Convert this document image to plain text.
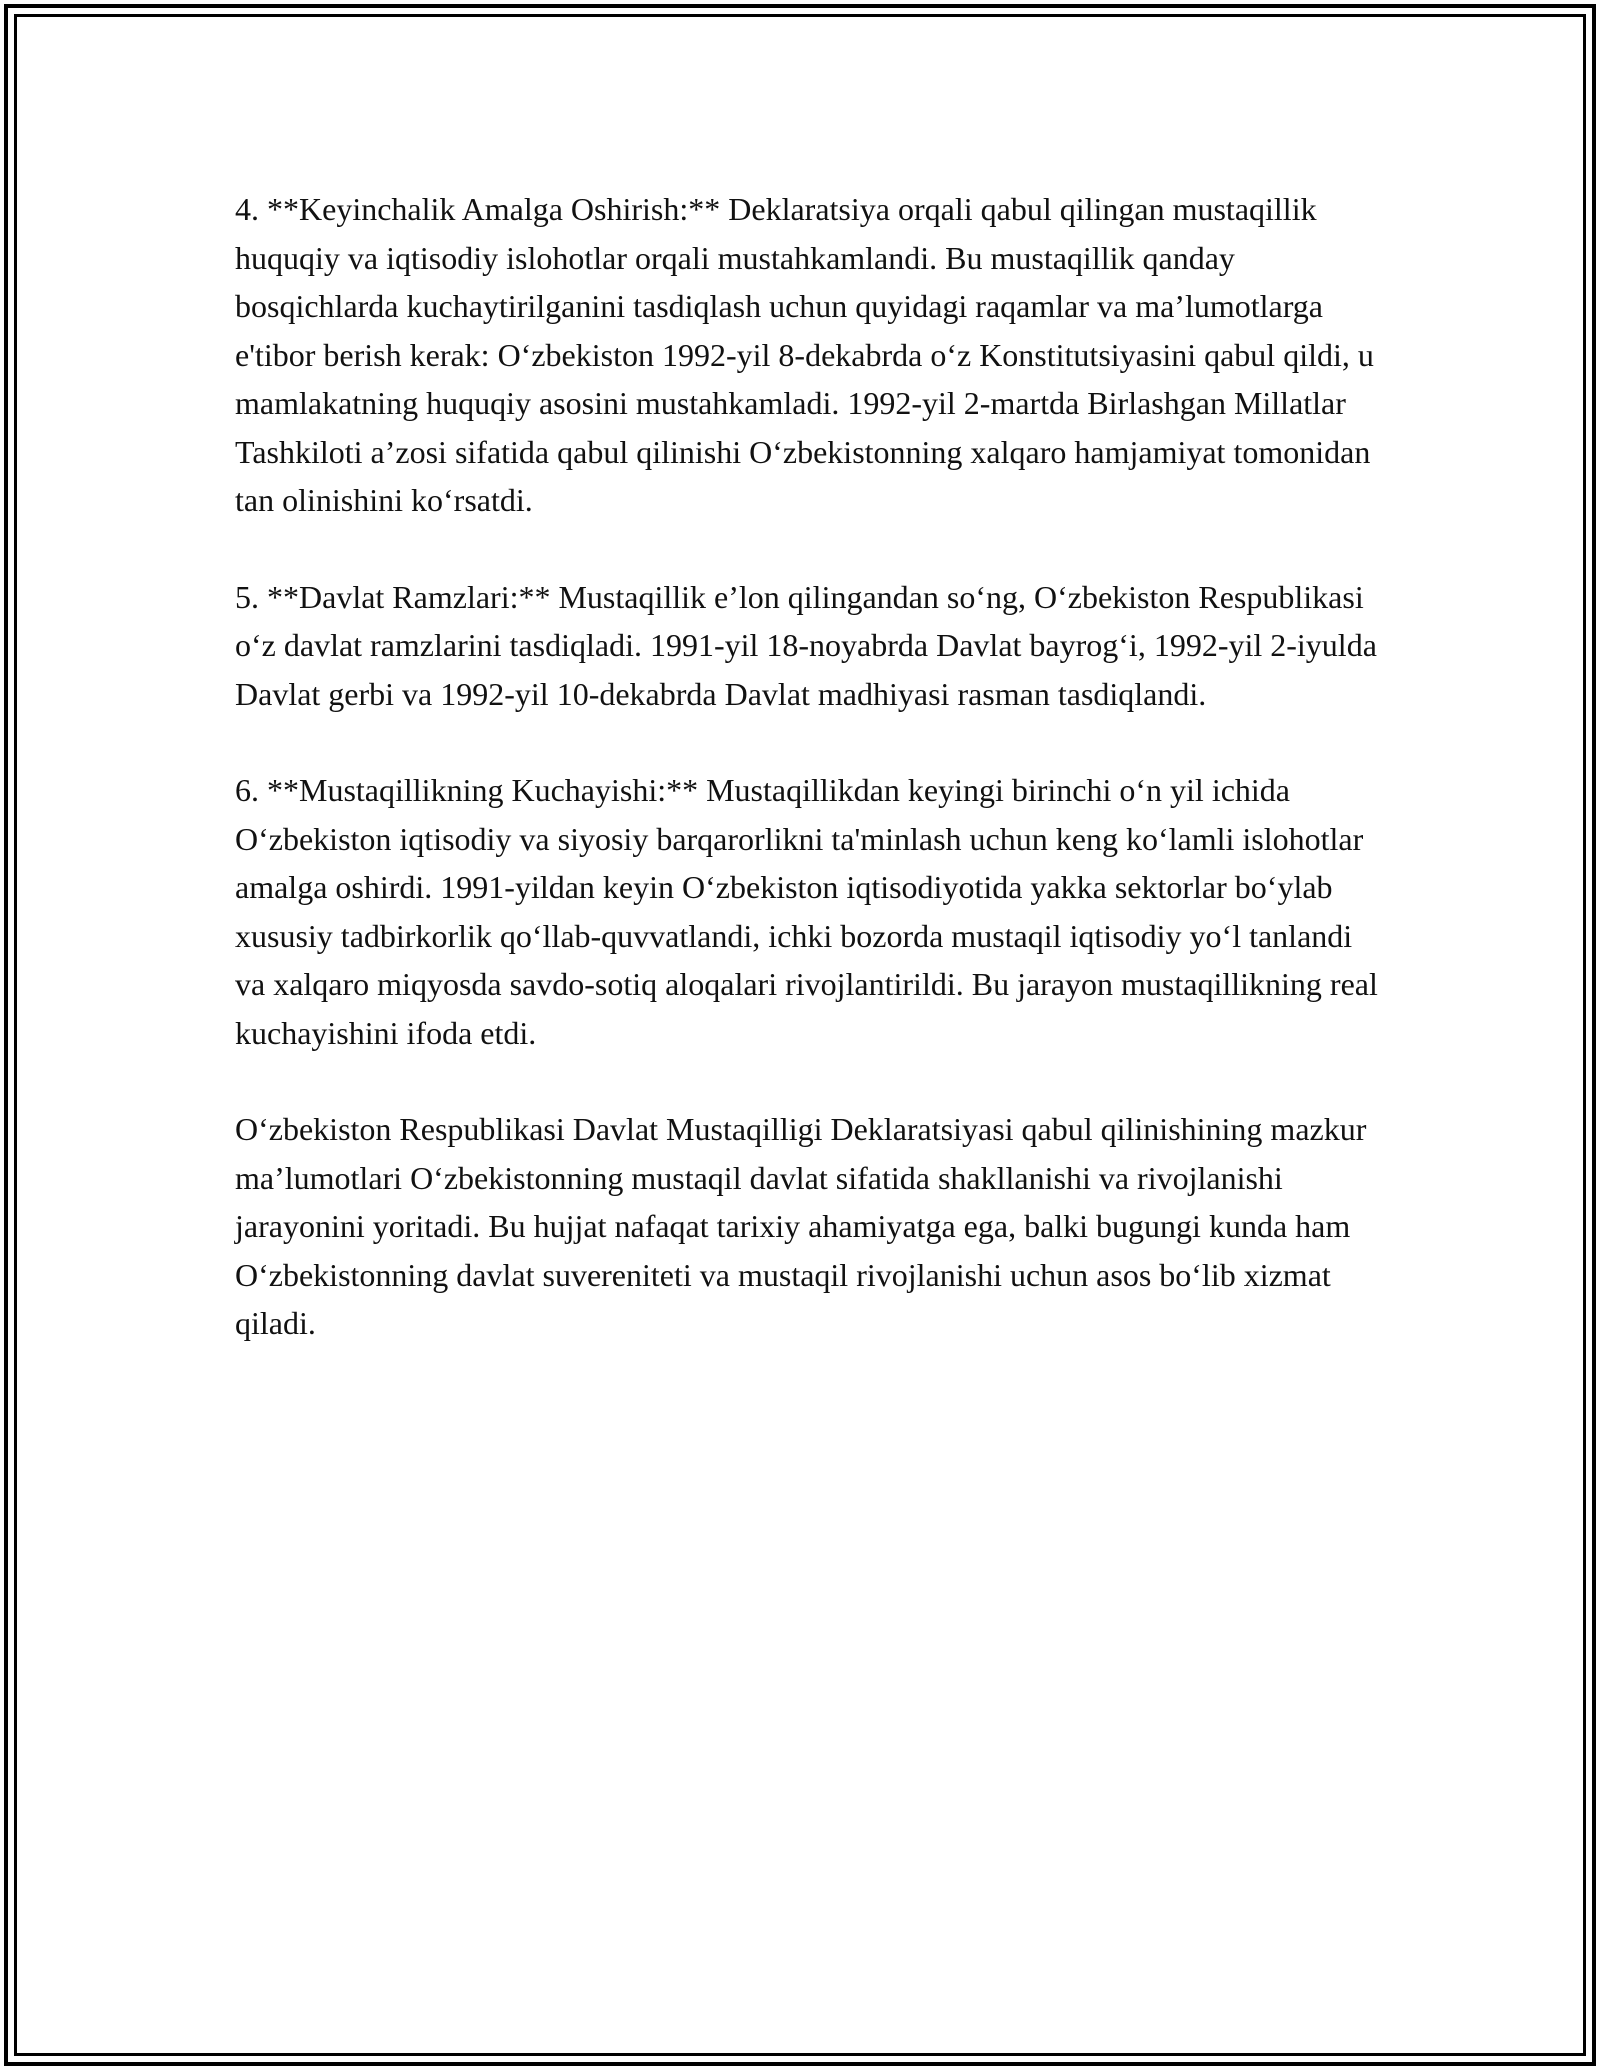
4. **Keyinchalik Amalga Oshirish:** Deklaratsiya orqali qabul qilingan mustaqillik huquqiy va iqtisodiy islohotlar orqali mustahkamlandi. Bu mustaqillik qanday bosqichlarda kuchaytirilganini tasdiqlash uchun quyidagi raqamlar va ma’lumotlarga e'tibor berish kerak: O‘zbekiston 1992-yil 8-dekabrda o‘z Konstitutsiyasini qabul qildi, u mamlakatning huquqiy asosini mustahkamladi. 1992-yil 2-martda Birlashgan Millatlar Tashkiloti a’zosi sifatida qabul qilinishi O‘zbekistonning xalqaro hamjamiyat tomonidan tan olinishini ko‘rsatdi.

5. **Davlat Ramzlari:** Mustaqillik e’lon qilingandan so‘ng, O‘zbekiston Respublikasi o‘z davlat ramzlarini tasdiqladi. 1991-yil 18-noyabrda Davlat bayrog‘i, 1992-yil 2-iyulda Davlat gerbi va 1992-yil 10-dekabrda Davlat madhiyasi rasman tasdiqlandi.

6. **Mustaqillikning Kuchayishi:** Mustaqillikdan keyingi birinchi o‘n yil ichida O‘zbekiston iqtisodiy va siyosiy barqarorlikni ta'minlash uchun keng ko‘lamli islohotlar amalga oshirdi. 1991-yildan keyin O‘zbekiston iqtisodiyotida yakka sektorlar bo‘ylab xususiy tadbirkorlik qo‘llab-quvvatlandi, ichki bozorda mustaqil iqtisodiy yo‘l tanlandi va xalqaro miqyosda savdo-sotiq aloqalari rivojlantirildi. Bu jarayon mustaqillikning real kuchayishini ifoda etdi.

O‘zbekiston Respublikasi Davlat Mustaqilligi Deklaratsiyasi qabul qilinishining mazkur ma’lumotlari O‘zbekistonning mustaqil davlat sifatida shakllanishi va rivojlanishi jarayonini yoritadi. Bu hujjat nafaqat tarixiy ahamiyatga ega, balki bugungi kunda ham O‘zbekistonning davlat suvereniteti va mustaqil rivojlanishi uchun asos bo‘lib xizmat qiladi.
